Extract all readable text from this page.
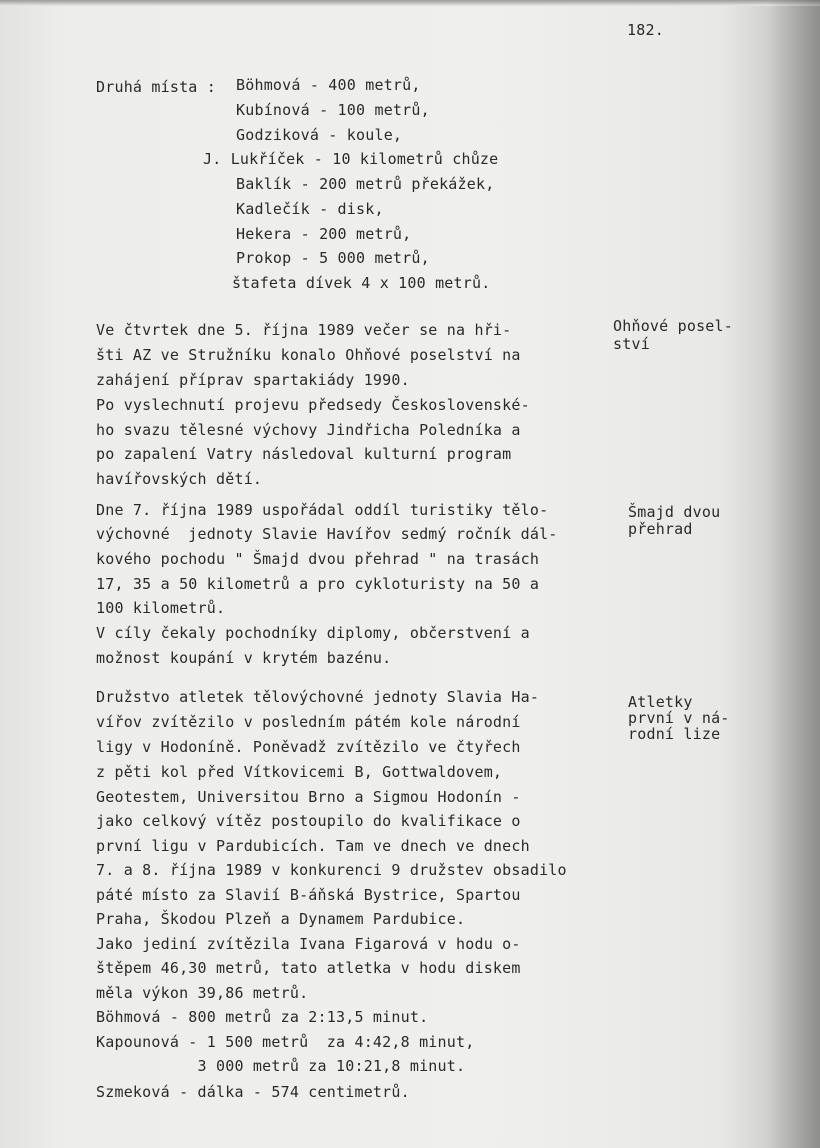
182.
Druhá místa : Böhmová - 400 metrů,
Kubínová - 100 metrů,
Godziková - koule,
J. Lukříček - 10 kilometrů chůze
Baklík - 200 metrů překážek,
Kadlečík - disk,
Hekera - 200 metrů,
Prokop - 5 000 metrů,
štafeta dívek 4 x 100 metrů.
Ohňové posel-
ství
Ve čtvrtek dne 5. října 1989 večer se na hři-
šti AZ ve Stružníku konalo Ohňové poselství na
zahájení příprav spartakiády 1990.
Po vyslechnutí projevu předsedy Československé-
ho svazu tělesné výchovy Jindřicha Poledníka a
po zapalení Vatry následoval kulturní program
havířovských dětí.
Šmajd dvou
přehrad
Dne 7. října 1989 uspořádal oddíl turistiky tělo-
výchovné  jednoty Slavie Havířov sedmý ročník dál-
kového pochodu " Šmajd dvou přehrad " na trasách
17, 35 a 50 kilometrů a pro cykloturisty na 50 a
100 kilometrů.
V cíly čekaly pochodníky diplomy, občerstvení a
možnost koupání v krytém bazénu.
Atletky
první v ná-
rodní lize
Družstvo atletek tělovýchovné jednoty Slavia Ha-
vířov zvítězilo v posledním pátém kole národní
ligy v Hodoníně. Poněvadž zvítězilo ve čtyřech
z pěti kol před Vítkovicemi B, Gottwaldovem,
Geotestem, Universitou Brno a Sigmou Hodonín -
jako celkový vítěz postoupilo do kvalifikace o
první ligu v Pardubicích. Tam ve dnech ve dnech
7. a 8. října 1989 v konkurenci 9 družstev obsadilo
páté místo za Slavií B-áňská Bystrice, Spartou
Praha, Škodou Plzeň a Dynamem Pardubice.
Jako jediní zvítězila Ivana Figarová v hodu o-
štěpem 46,30 metrů, tato atletka v hodu diskem
měla výkon 39,86 metrů.
Böhmová - 800 metrů za 2:13,5 minut.
Kapounová - 1 500 metrů  za 4:42,8 minut,
3 000 metrů za 10:21,8 minut.
Szmeková - dálka - 574 centimetrů.
